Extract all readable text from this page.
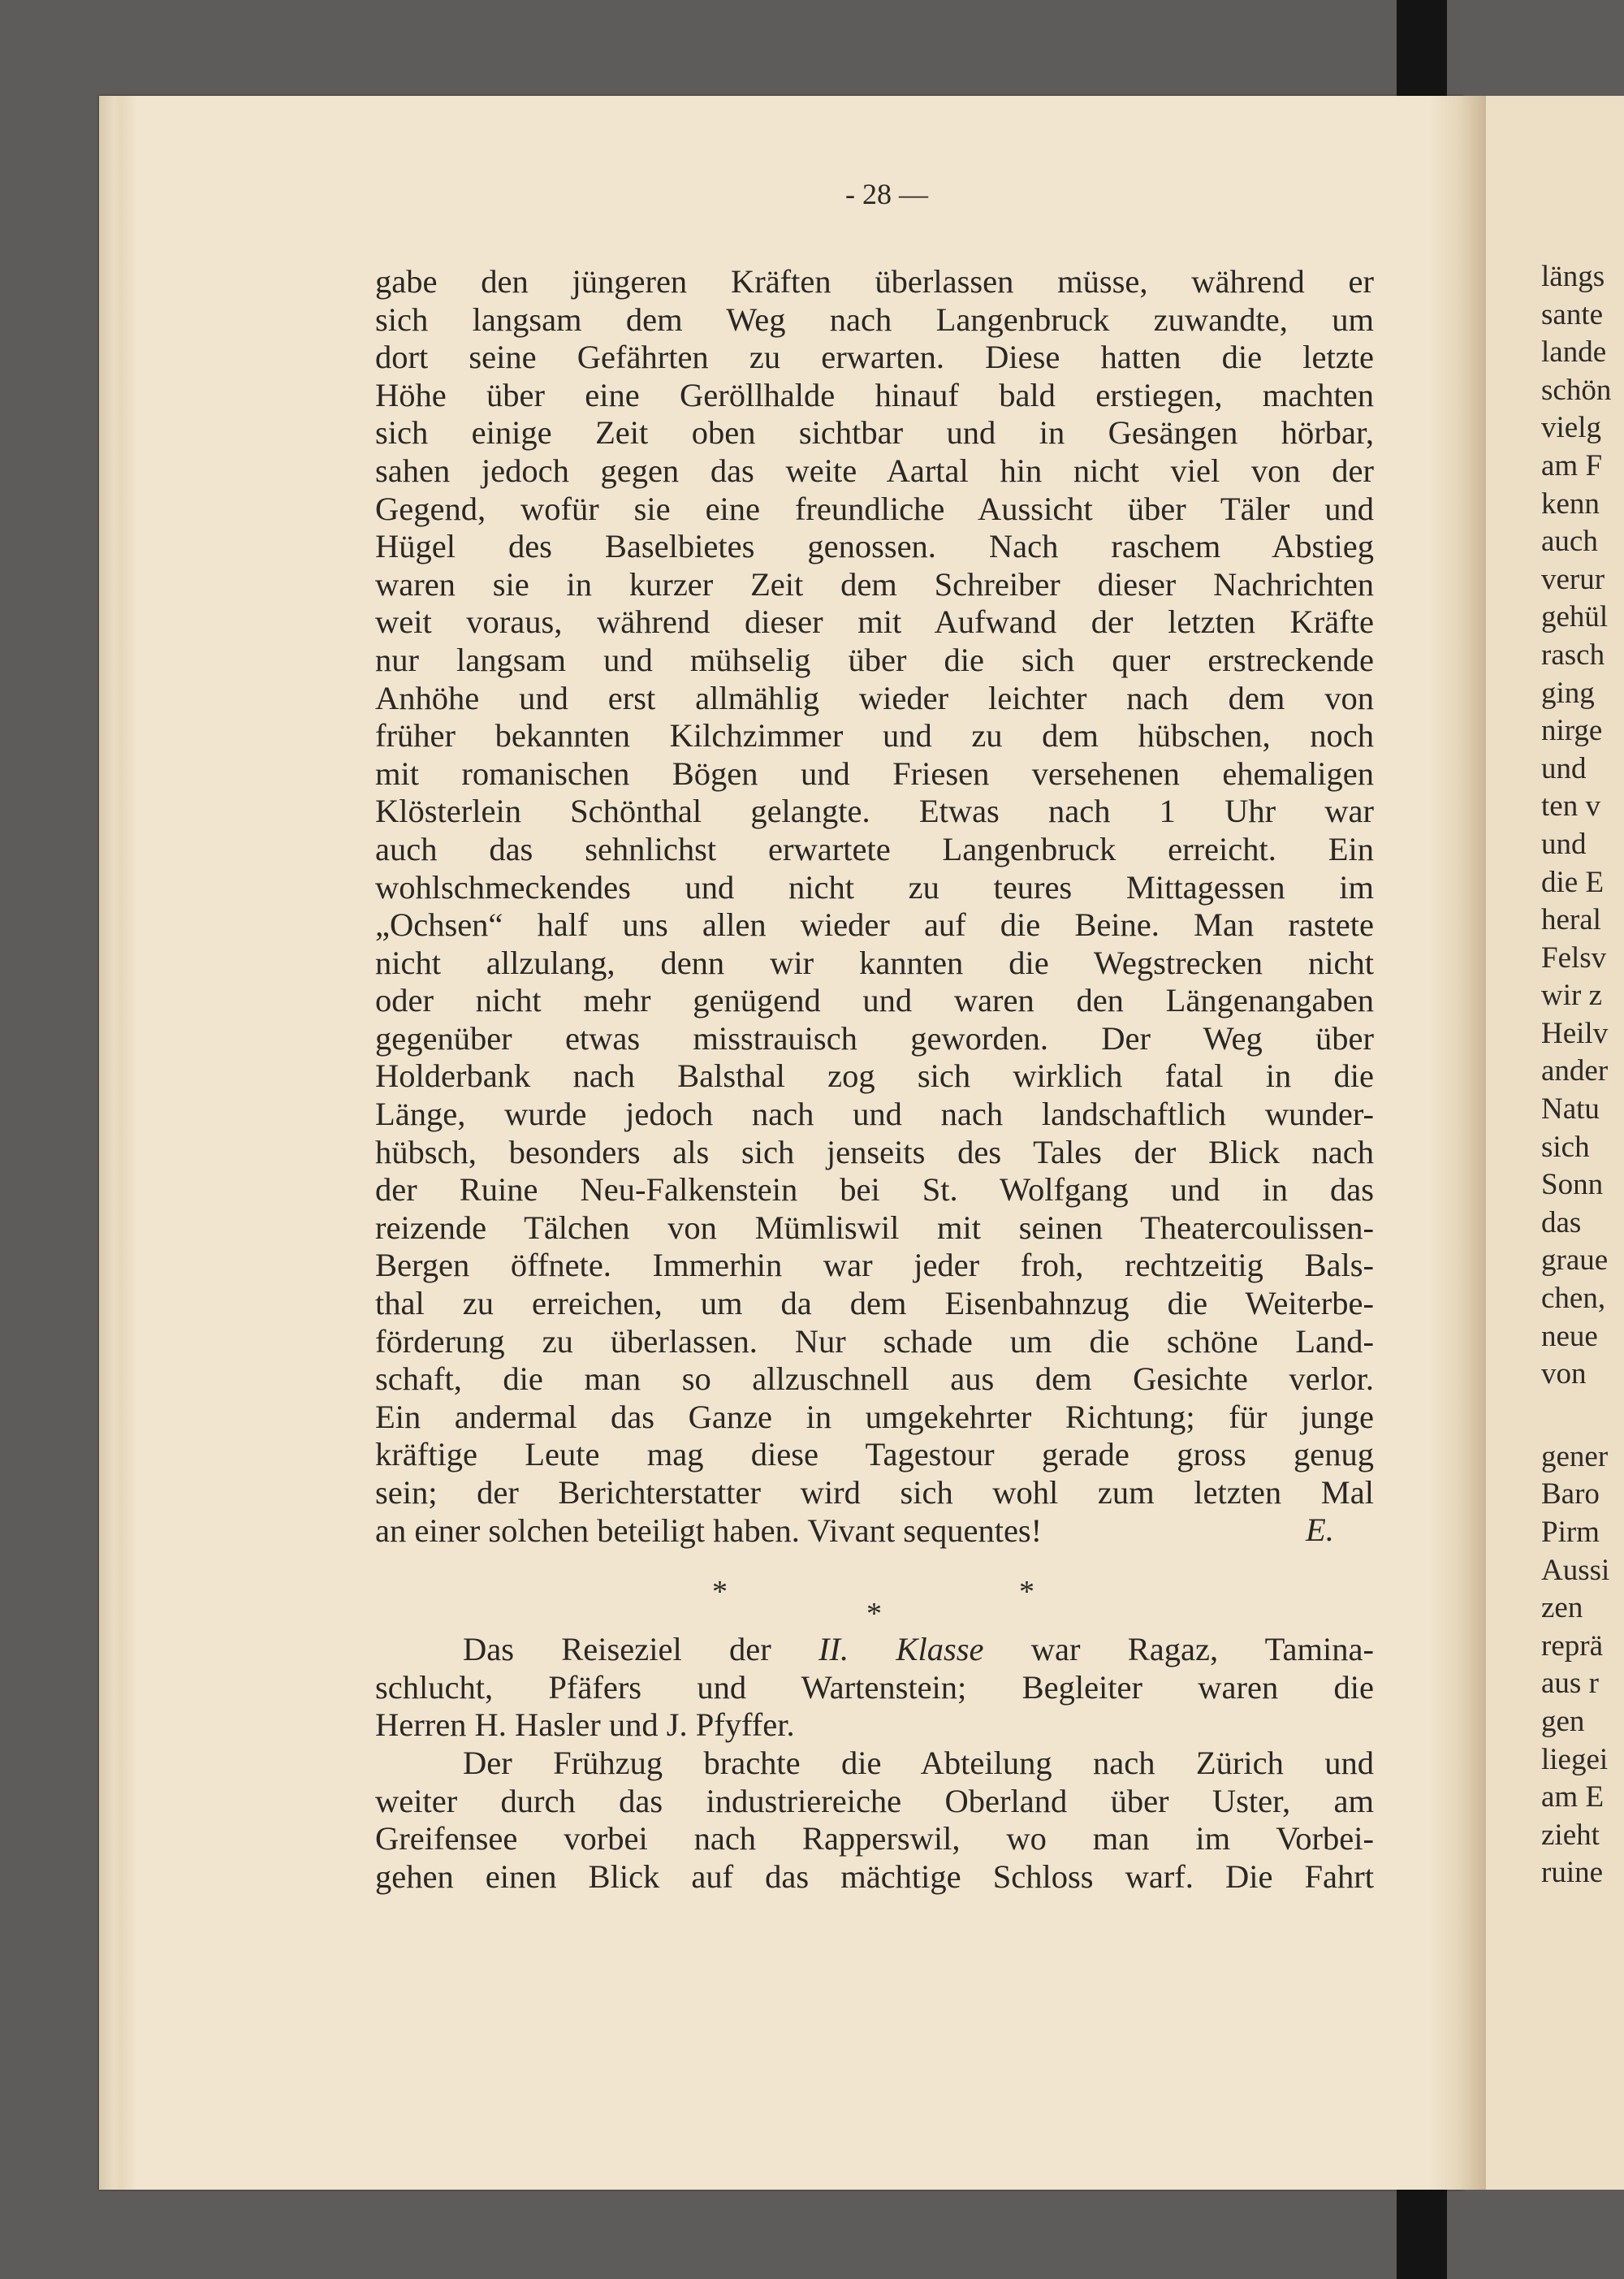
längs
sante
lande
schön
vielg
am F
kenn
auch
verur
gehül
rasch
ging
nirge
und
ten v
und
die E
heral
Felsv
wir z
Heilv
ander
Natu
sich
Sonn
das
graue
chen,
neue
von
gener
Baro
Pirm
Aussi
zen
reprä
aus r
gen
liegei
am E
zieht
ruine
- 28 —
gabe den jüngeren Kräften überlassen müsse, während er
sich langsam dem Weg nach Langenbruck zuwandte, um
dort seine Gefährten zu erwarten. Diese hatten die letzte
Höhe über eine Geröllhalde hinauf bald erstiegen, machten
sich einige Zeit oben sichtbar und in Gesängen hörbar,
sahen jedoch gegen das weite Aartal hin nicht viel von der
Gegend, wofür sie eine freundliche Aussicht über Täler und
Hügel des Baselbietes genossen. Nach raschem Abstieg
waren sie in kurzer Zeit dem Schreiber dieser Nachrichten
weit voraus, während dieser mit Aufwand der letzten Kräfte
nur langsam und mühselig über die sich quer erstreckende
Anhöhe und erst allmählig wieder leichter nach dem von
früher bekannten Kilchzimmer und zu dem hübschen, noch
mit romanischen Bögen und Friesen versehenen ehemaligen
Klösterlein Schönthal gelangte. Etwas nach 1 Uhr war
auch das sehnlichst erwartete Langenbruck erreicht. Ein
wohlschmeckendes und nicht zu teures Mittagessen im
„Ochsen“ half uns allen wieder auf die Beine. Man rastete
nicht allzulang, denn wir kannten die Wegstrecken nicht
oder nicht mehr genügend und waren den Längenangaben
gegenüber etwas misstrauisch geworden. Der Weg über
Holderbank nach Balsthal zog sich wirklich fatal in die
Länge, wurde jedoch nach und nach landschaftlich wunder-
hübsch, besonders als sich jenseits des Tales der Blick nach
der Ruine Neu-Falkenstein bei St. Wolfgang und in das
reizende Tälchen von Mümliswil mit seinen Theatercoulissen-
Bergen öffnete. Immerhin war jeder froh, rechtzeitig Bals-
thal zu erreichen, um da dem Eisenbahnzug die Weiterbe-
förderung zu überlassen. Nur schade um die schöne Land-
schaft, die man so allzuschnell aus dem Gesichte verlor.
Ein andermal das Ganze in umgekehrter Richtung; für junge
kräftige Leute mag diese Tagestour gerade gross genug
sein; der Berichterstatter wird sich wohl zum letzten Mal
an einer solchen beteiligt haben. Vivant sequentes!
Das Reiseziel der II. Klasse war Ragaz, Tamina-
schlucht, Pfäfers und Wartenstein; Begleiter waren die
Herren H. Hasler und J. Pfyffer.
Der Frühzug brachte die Abteilung nach Zürich und
weiter durch das industriereiche Oberland über Uster, am
Greifensee vorbei nach Rapperswil, wo man im Vorbei-
gehen einen Blick auf das mächtige Schloss warf. Die Fahrt
E.
*
*
*
